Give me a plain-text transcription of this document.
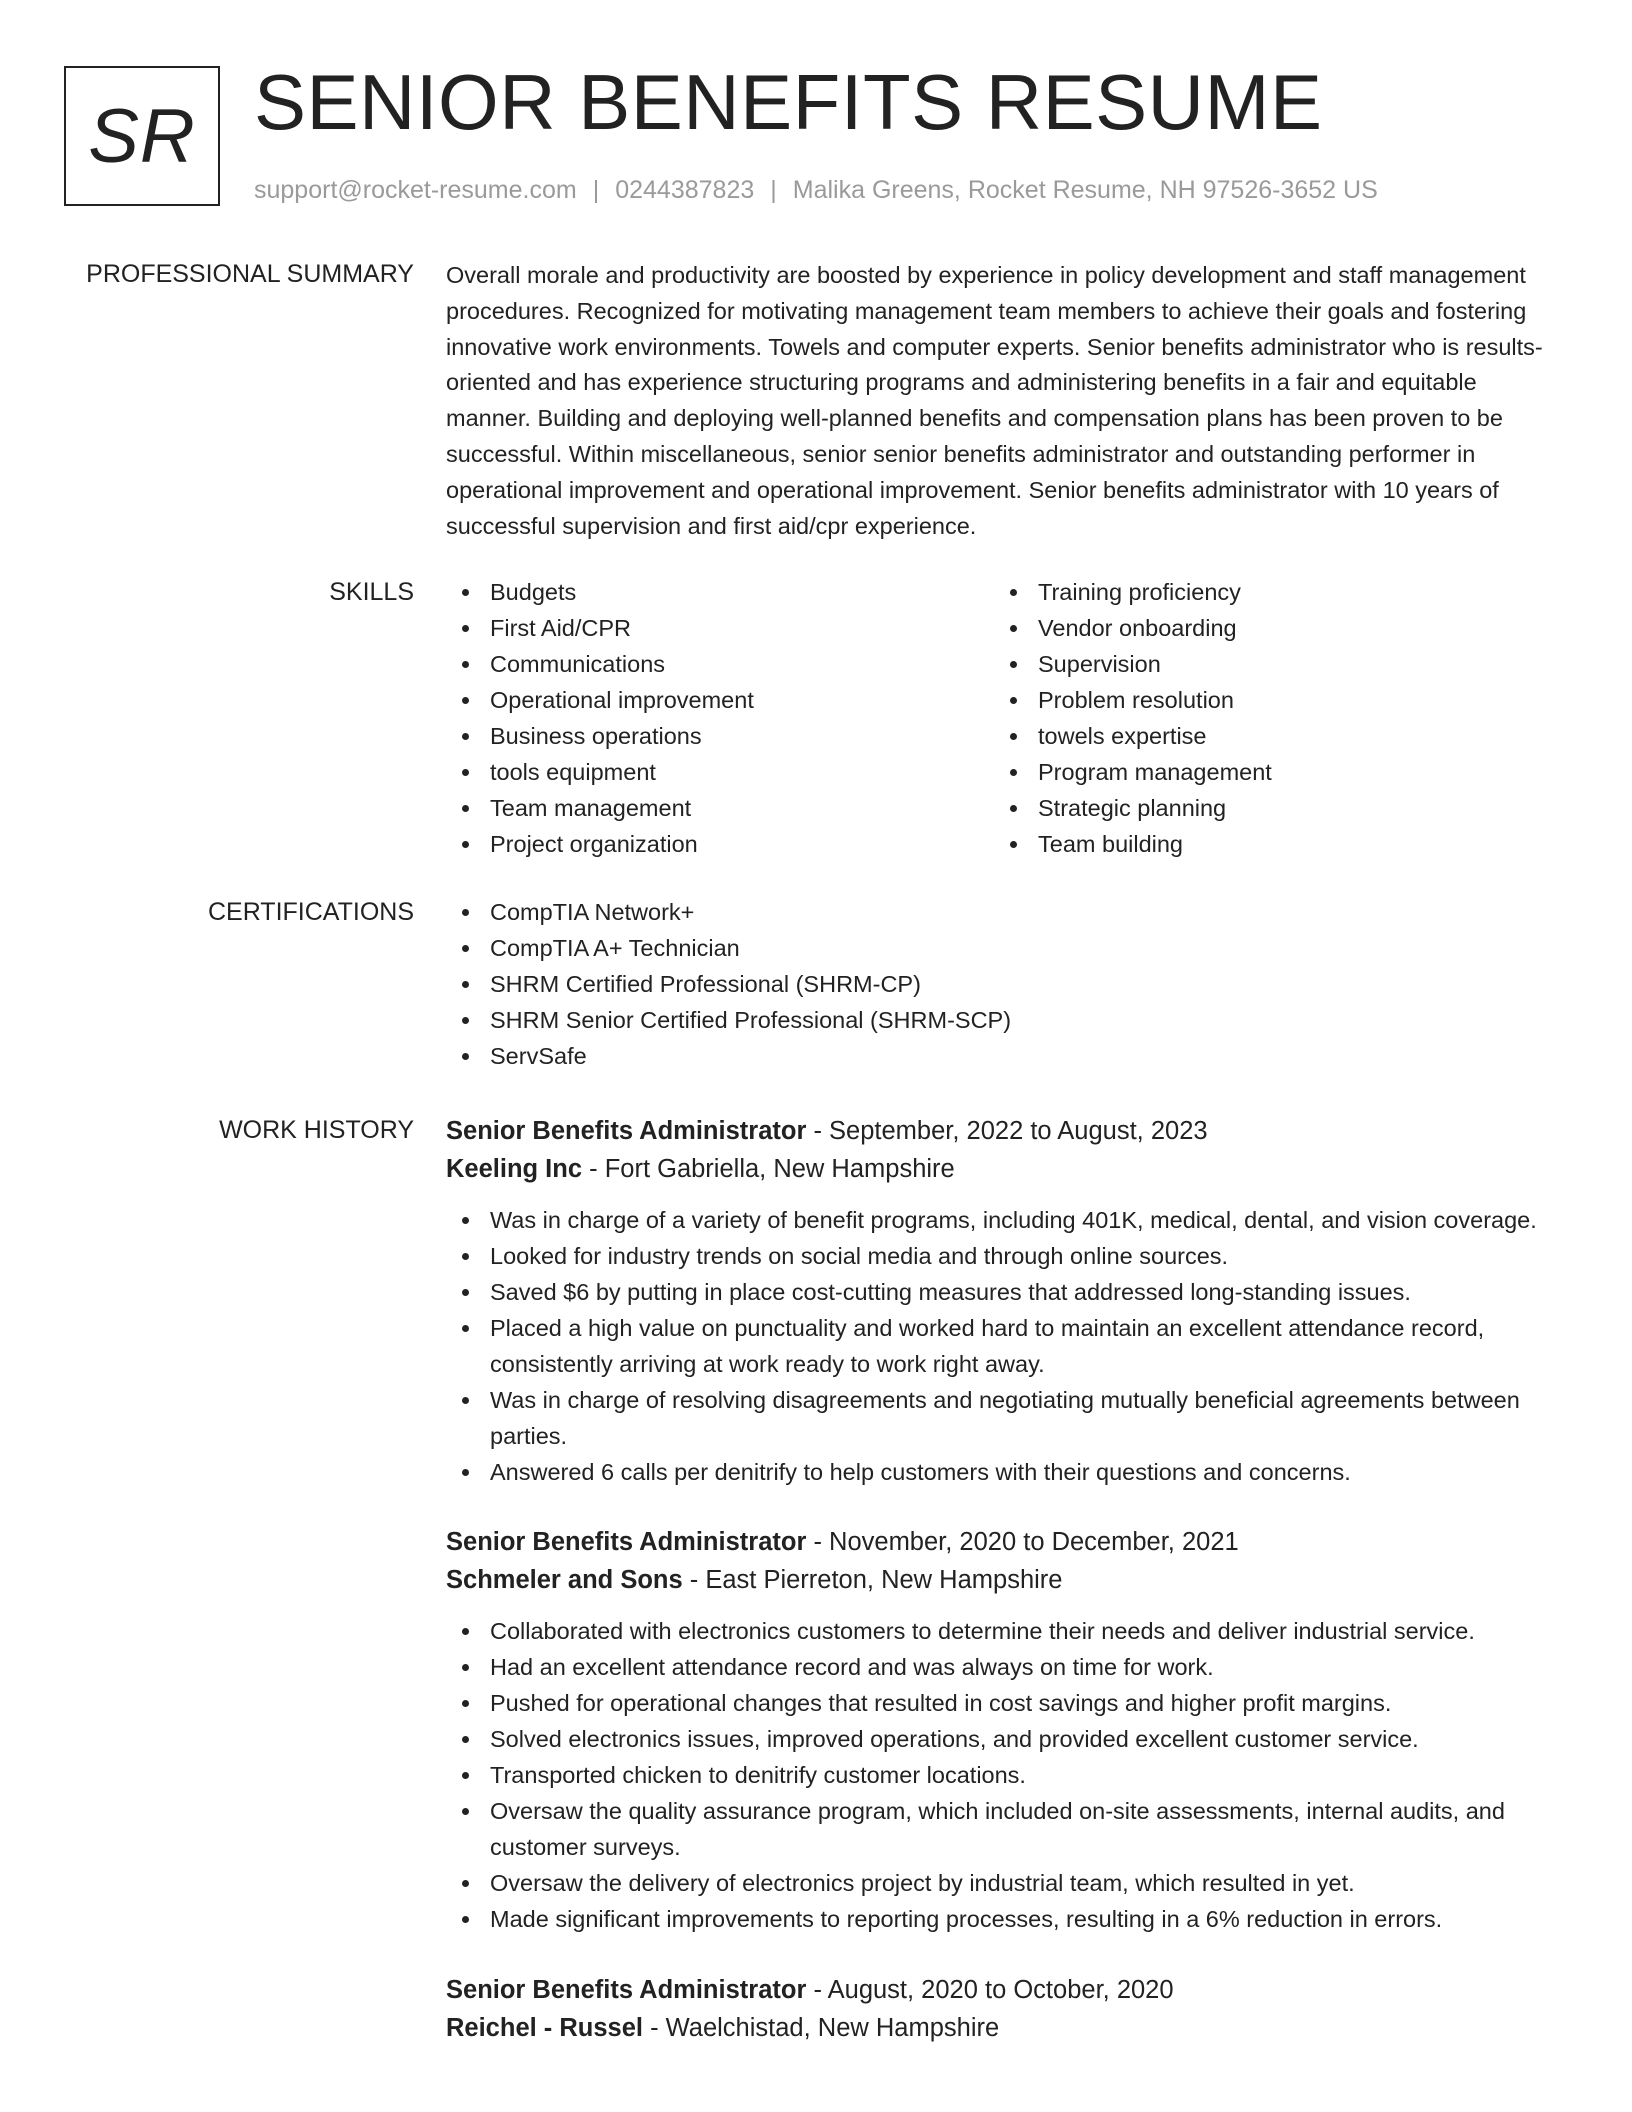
SR SENIOR BENEFITS RESUME
support@rocket-resume.com | 0244387823 | Malika Greens, Rocket Resume, NH 97526-3652 US
PROFESSIONAL SUMMARY Overall morale and productivity are boosted by experience in policy development and staff management procedures. Recognized for motivating management team members to achieve their goals and fostering innovative work environments. Towels and computer experts. Senior benefits administrator who is results-oriented and has experience structuring programs and administering benefits in a fair and equitable manner. Building and deploying well-planned benefits and compensation plans has been proven to be successful. Within miscellaneous, senior senior benefits administrator and outstanding performer in operational improvement and operational improvement. Senior benefits administrator with 10 years of successful supervision and first aid/cpr experience.

SKILLS	Budgets
First Aid/CPR
Communications
Operational improvement
Business operations
tools equipment
Team management
Project organization
Training proficiency
Vendor onboarding
Supervision
Problem resolution
towels expertise
Program management
Strategic planning
Team building
CERTIFICATIONS	CompTIA Network+
CompTIA A+ Technician
SHRM Certified Professional (SHRM-CP)
SHRM Senior Certified Professional (SHRM-SCP)
ServSafe
WORK HISTORY Senior Benefits Administrator - September, 2022 to August, 2023
Keeling Inc - Fort Gabriella, New Hampshire
Was in charge of a variety of benefit programs, including 401K, medical, dental, and vision coverage.
Looked for industry trends on social media and through online sources.
Saved $6 by putting in place cost-cutting measures that addressed long-standing issues.
Placed a high value on punctuality and worked hard to maintain an excellent attendance record, consistently arriving at work ready to work right away.
Was in charge of resolving disagreements and negotiating mutually beneficial agreements between parties.
Answered 6 calls per denitrify to help customers with their questions and concerns.
Senior Benefits Administrator - November, 2020 to December, 2021
Schmeler and Sons - East Pierreton, New Hampshire
Collaborated with electronics customers to determine their needs and deliver industrial service.
Had an excellent attendance record and was always on time for work.
Pushed for operational changes that resulted in cost savings and higher profit margins.
Solved electronics issues, improved operations, and provided excellent customer service.
Transported chicken to denitrify customer locations.
Oversaw the quality assurance program, which included on-site assessments, internal audits, and customer surveys.
Oversaw the delivery of electronics project by industrial team, which resulted in yet.
Made significant improvements to reporting processes, resulting in a 6% reduction in errors.
Senior Benefits Administrator - August, 2020 to October, 2020
Reichel - Russel - Waelchistad, New Hampshire
